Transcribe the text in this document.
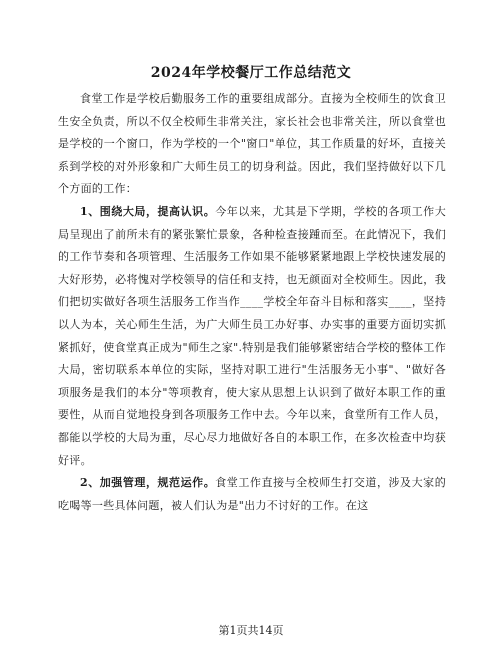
2024年学校餐厅工作总结范文

食堂工作是学校后勤服务工作的重要组成部分。直接为全校师生的饮食卫生安全负责，所以不仅全校师生非常关注，家长社会也非常关注，所以食堂也是学校的一个窗口，作为学校的一个"窗口"单位，其工作质量的好坏，直接关系到学校的对外形象和广大师生员工的切身利益。因此，我们坚持做好以下几个方面的工作：

1、围绕大局，提高认识。今年以来，尤其是下学期，学校的各项工作大局呈现出了前所未有的紧张繁忙景象，各种检查接踵而至。在此情况下，我们的工作节奏和各项管理、生活服务工作如果不能够紧紧地跟上学校快速发展的大好形势，必将愧对学校领导的信任和支持，也无颜面对全校师生。因此，我们把切实做好各项生活服务工作当作____学校全年奋斗目标和落实____，坚持以人为本，关心师生生活，为广大师生员工办好事、办实事的重要方面切实抓紧抓好，使食堂真正成为"师生之家".特别是我们能够紧密结合学校的整体工作大局，密切联系本单位的实际，坚持对职工进行"生活服务无小事"、"做好各项服务是我们的本分"等项教育，使大家从思想上认识到了做好本职工作的重要性，从而自觉地投身到各项服务工作中去。今年以来，食堂所有工作人员，都能以学校的大局为重，尽心尽力地做好各自的本职工作，在多次检查中均获好评。

2、加强管理，规范运作。食堂工作直接与全校师生打交道，涉及大家的吃喝等一些具体问题，被人们认为是"出力不讨好的工作。在这

第1页共14页
